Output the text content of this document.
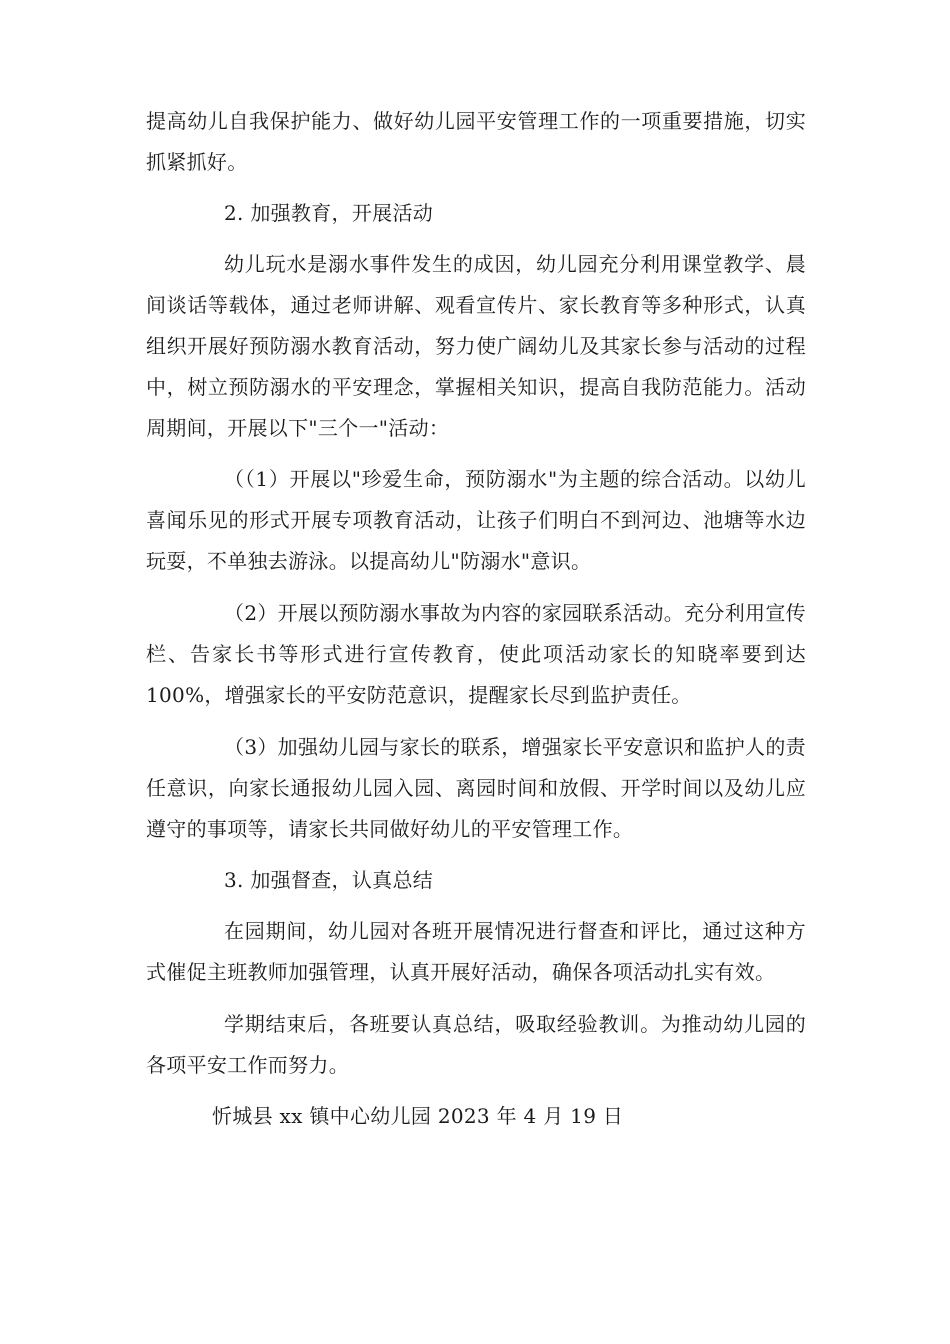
提高幼儿自我保护能力、做好幼儿园平安管理工作的一项重要措施，切实抓紧抓好。

2. 加强教育，开展活动

幼儿玩水是溺水事件发生的成因，幼儿园充分利用课堂教学、晨间谈话等载体，通过老师讲解、观看宣传片、家长教育等多种形式，认真组织开展好预防溺水教育活动，努力使广阔幼儿及其家长参与活动的过程中，树立预防溺水的平安理念，掌握相关知识，提高自我防范能力。活动周期间，开展以下"三个一"活动：

（（1）开展以"珍爱生命，预防溺水"为主题的综合活动。以幼儿喜闻乐见的形式开展专项教育活动，让孩子们明白不到河边、池塘等水边玩耍，不单独去游泳。以提高幼儿"防溺水"意识。

（2）开展以预防溺水事故为内容的家园联系活动。充分利用宣传栏、告家长书等形式进行宣传教育，使此项活动家长的知晓率要到达 100%，增强家长的平安防范意识，提醒家长尽到监护责任。

（3）加强幼儿园与家长的联系，增强家长平安意识和监护人的责任意识，向家长通报幼儿园入园、离园时间和放假、开学时间以及幼儿应遵守的事项等，请家长共同做好幼儿的平安管理工作。

3. 加强督查，认真总结

在园期间，幼儿园对各班开展情况进行督查和评比，通过这种方式催促主班教师加强管理，认真开展好活动，确保各项活动扎实有效。

学期结束后，各班要认真总结，吸取经验教训。为推动幼儿园的各项平安工作而努力。

忻城县 xx 镇中心幼儿园 2023 年 4 月 19 日
